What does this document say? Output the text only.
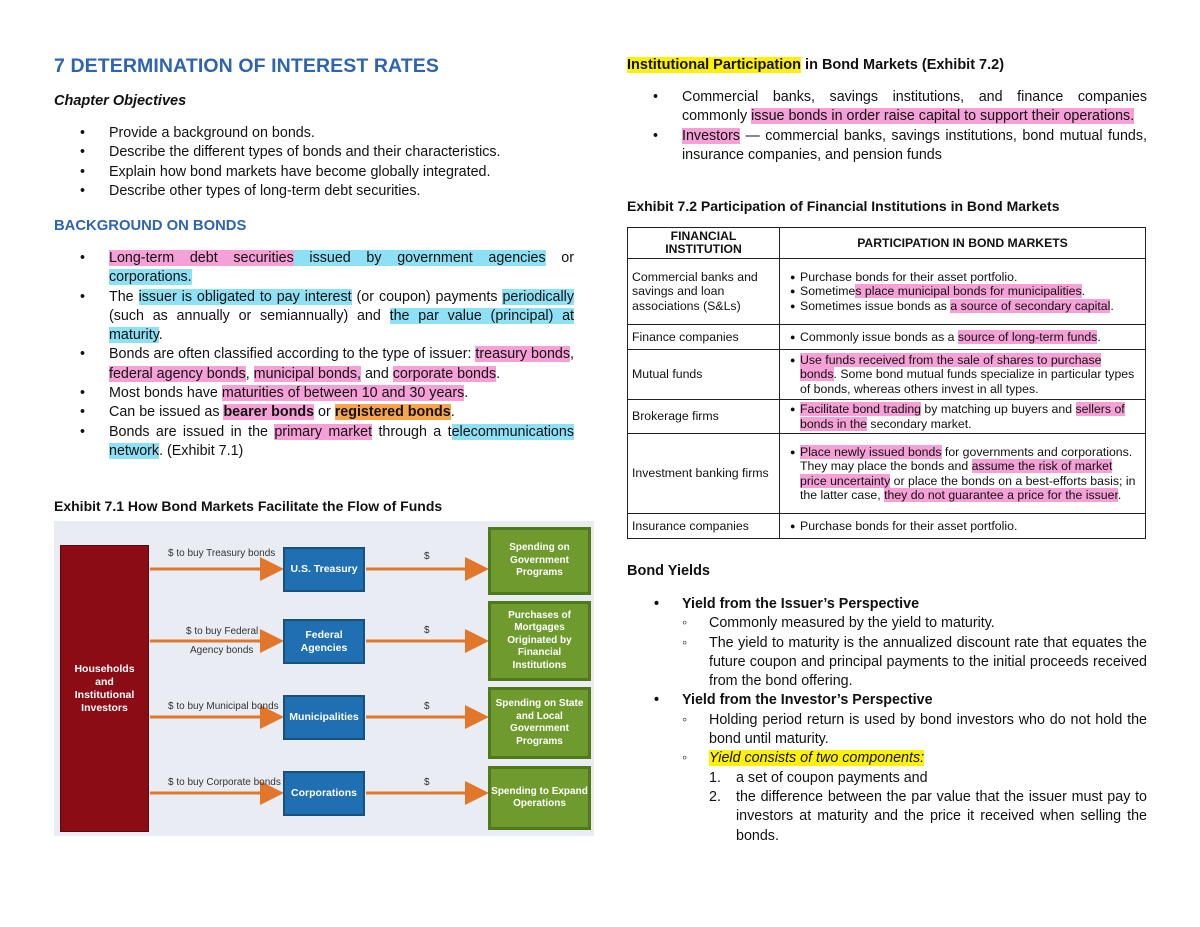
7 DETERMINATION OF INTEREST RATES
Chapter Objectives
• Provide a background on bonds.
• Describe the different types of bonds and their characteristics.
• Explain how bond markets have become globally integrated.
• Describe other types of long-term debt securities.
BACKGROUND ON BONDS
• Long-term debt securities issued by government agencies or corporations.
• The issuer is obligated to pay interest (or coupon) payments periodically (such as annually or semiannually) and the par value (principal) at maturity.
• Bonds are often classified according to the type of issuer: treasury bonds, federal agency bonds, municipal bonds, and corporate bonds.
• Most bonds have maturities of between 10 and 30 years.
• Can be issued as bearer bonds or registered bonds.
• Bonds are issued in the primary market through a telecommunications network. (Exhibit 7.1)
Exhibit 7.1 How Bond Markets Facilitate the Flow of Funds
Households and Institutional Investors
$ to buy Treasury bonds	$
U.S. Treasury
Spending on Government Programs
$ to buy Federal
Agency bonds
$
Federal Agencies
Purchases of Mortgages Originated by Financial Institutions
$ to buy Municipal bonds	$
Municipalities
Spending on State and Local Government Programs
$ to buy Corporate bonds	$
Corporations	Spending to Expand Operations
Institutional Participation in Bond Markets (Exhibit 7.2)
• Commercial banks, savings institutions, and finance companies commonly issue bonds in order raise capital to support their operations.
• Investors — commercial banks, savings institutions, bond mutual funds, insurance companies, and pension funds
Exhibit 7.2 Participation of Financial Institutions in Bond Markets
FINANCIAL INSTITUTION	PARTICIPATION IN BOND MARKETS
Commercial banks and savings and loan associations (S&Ls)	● Purchase bonds for their asset portfolio.
● Sometimes place municipal bonds for municipalities.
● Sometimes issue bonds as a source of secondary capital.

Finance companies	● Commonly issue bonds as a source of long-term funds.

Mutual funds	● Use funds received from the sale of shares to purchase bonds. Some bond mutual funds specialize in particular types of bonds, whereas others invest in all types.

Brokerage firms	● Facilitate bond trading by matching up buyers and sellers of bonds in the secondary market.

Investment banking firms	● Place newly issued bonds for governments and corporations. They may place the bonds and assume the risk of market price uncertainty or place the bonds on a best-efforts basis; in the latter case, they do not guarantee a price for the issuer.

Insurance companies	● Purchase bonds for their asset portfolio.
Bond Yields
• Yield from the Issuer’s Perspective
◦ Commonly measured by the yield to maturity.
◦ The yield to maturity is the annualized discount rate that equates the future coupon and principal payments to the initial proceeds received from the bond offering.
• Yield from the Investor’s Perspective
◦ Holding period return is used by bond investors who do not hold the bond until maturity.
◦ Yield consists of two components:
1. a set of coupon payments and
2. the difference between the par value that the issuer must pay to investors at maturity and the price it received when selling the bonds.
